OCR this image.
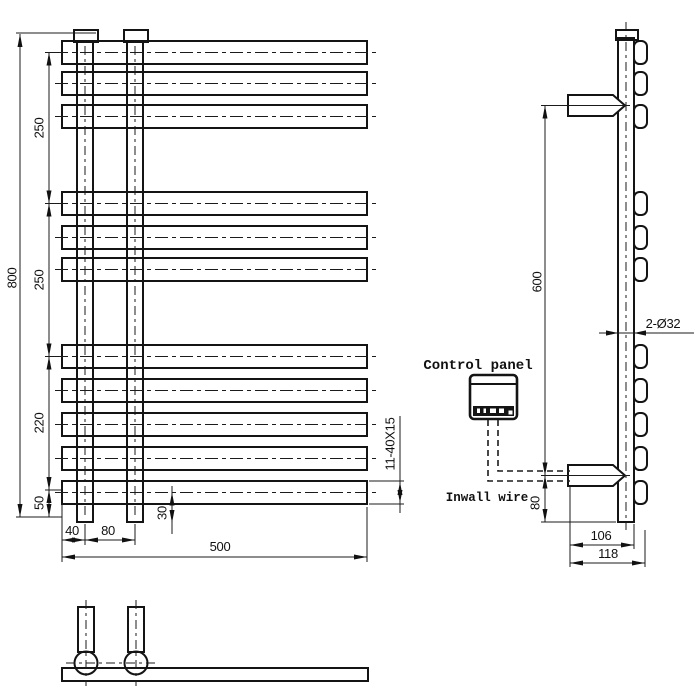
800
250
250
220
50
30
40 80
500
11-40X15
600
80
2-Ø32
Control panel
Inwall wire
106
118
